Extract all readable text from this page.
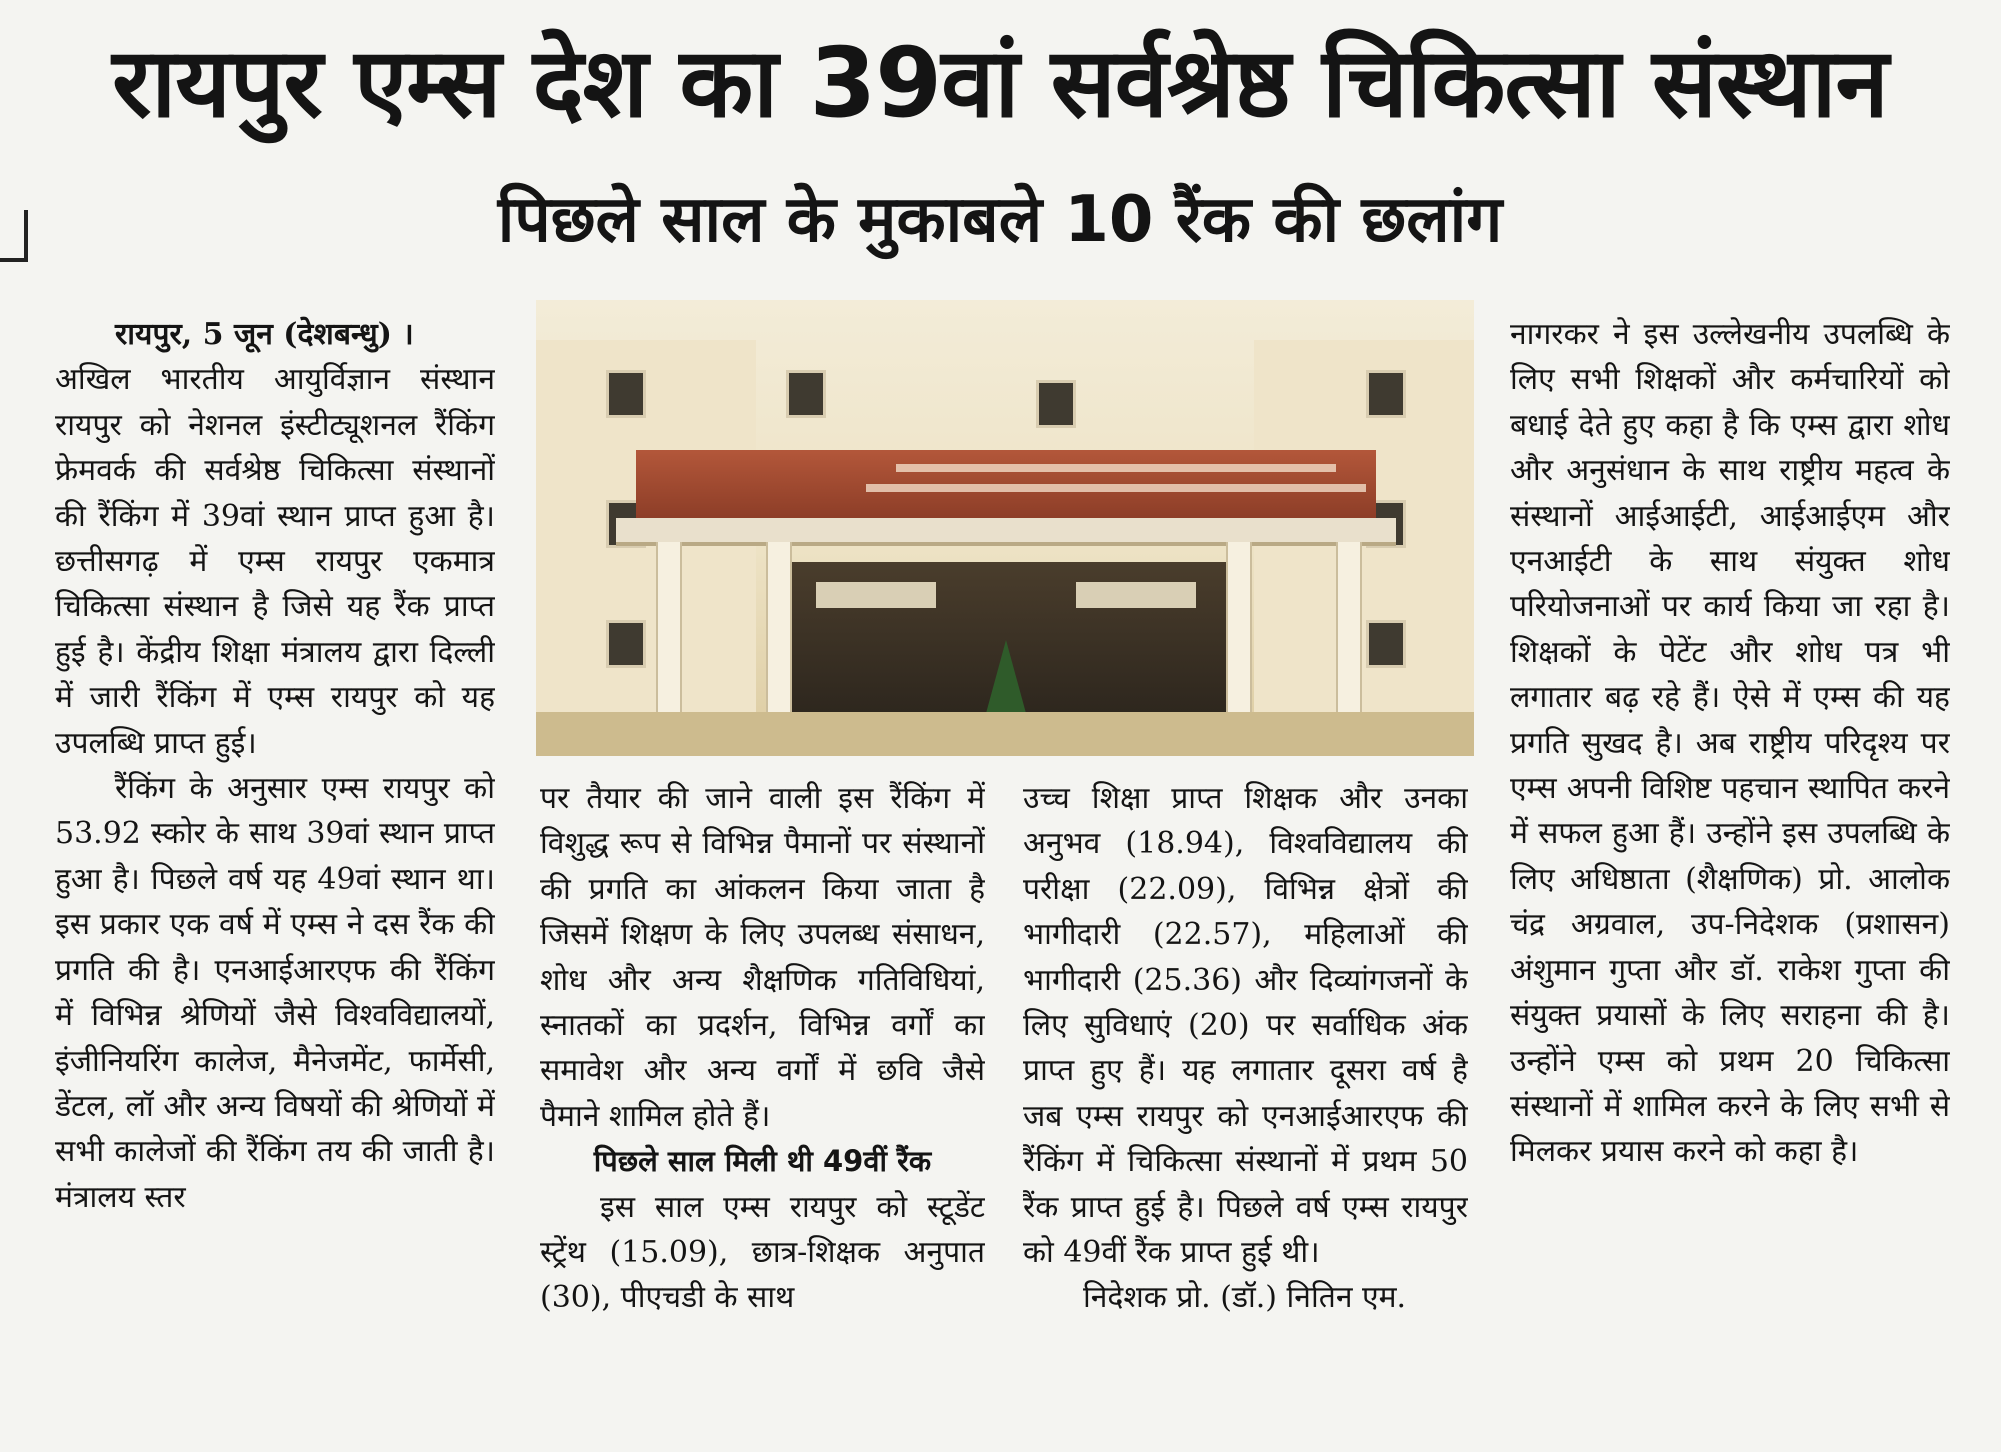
रायपुर एम्स देश का 39वां सर्वश्रेष्ठ चिकित्सा संस्थान
पिछले साल के मुकाबले 10 रैंक की छलांग

रायपुर, 5 जून (देशबन्धु) ।

अखिल भारतीय आयुर्विज्ञान संस्थान रायपुर को नेशनल इंस्टीट्यूशनल रैंकिंग फ्रेमवर्क की सर्वश्रेष्ठ चिकित्सा संस्थानों की रैंकिंग में 39वां स्थान प्राप्त हुआ है। छत्तीसगढ़ में एम्स रायपुर एकमात्र चिकित्सा संस्थान है जिसे यह रैंक प्राप्त हुई है। केंद्रीय शिक्षा मंत्रालय द्वारा दिल्ली में जारी रैंकिंग में एम्स रायपुर को यह उपलब्धि प्राप्त हुई।

रैंकिंग के अनुसार एम्स रायपुर को 53.92 स्कोर के साथ 39वां स्थान प्राप्त हुआ है। पिछले वर्ष यह 49वां स्थान था। इस प्रकार एक वर्ष में एम्स ने दस रैंक की प्रगति की है। एनआईआरएफ की रैंकिंग में विभिन्न श्रेणियों जैसे विश्वविद्यालयों, इंजीनियरिंग कालेज, मैनेजमेंट, फार्मेसी, डेंटल, लॉ और अन्य विषयों की श्रेणियों में सभी कालेजों की रैंकिंग तय की जाती है। मंत्रालय स्तर

पर तैयार की जाने वाली इस रैंकिंग में विशुद्ध रूप से विभिन्न पैमानों पर संस्थानों की प्रगति का आंकलन किया जाता है जिसमें शिक्षण के लिए उपलब्ध संसाधन, शोध और अन्य शैक्षणिक गतिविधियां, स्नातकों का प्रदर्शन, विभिन्न वर्गों का समावेश और अन्य वर्गों में छवि जैसे पैमाने शामिल होते हैं।

पिछले साल मिली थी 49वीं रैंक

इस साल एम्स रायपुर को स्टूडेंट स्ट्रेंथ (15.09), छात्र-शिक्षक अनुपात (30), पीएचडी के साथ

उच्च शिक्षा प्राप्त शिक्षक और उनका अनुभव (18.94), विश्वविद्यालय की परीक्षा (22.09), विभिन्न क्षेत्रों की भागीदारी (22.57), महिलाओं की भागीदारी (25.36) और दिव्यांगजनों के लिए सुविधाएं (20) पर सर्वाधिक अंक प्राप्त हुए हैं। यह लगातार दूसरा वर्ष है जब एम्स रायपुर को एनआईआरएफ की रैंकिंग में चिकित्सा संस्थानों में प्रथम 50 रैंक प्राप्त हुई है। पिछले वर्ष एम्स रायपुर को 49वीं रैंक प्राप्त हुई थी।

निदेशक प्रो. (डॉ.) नितिन एम.

नागरकर ने इस उल्लेखनीय उपलब्धि के लिए सभी शिक्षकों और कर्मचारियों को बधाई देते हुए कहा है कि एम्स द्वारा शोध और अनुसंधान के साथ राष्ट्रीय महत्व के संस्थानों आईआईटी, आईआईएम और एनआईटी के साथ संयुक्त शोध परियोजनाओं पर कार्य किया जा रहा है। शिक्षकों के पेटेंट और शोध पत्र भी लगातार बढ़ रहे हैं। ऐसे में एम्स की यह प्रगति सुखद है। अब राष्ट्रीय परिदृश्य पर एम्स अपनी विशिष्ट पहचान स्थापित करने में सफल हुआ हैं। उन्होंने इस उपलब्धि के लिए अधिष्ठाता (शैक्षणिक) प्रो. आलोक चंद्र अग्रवाल, उप-निदेशक (प्रशासन) अंशुमान गुप्ता और डॉ. राकेश गुप्ता की संयुक्त प्रयासों के लिए सराहना की है। उन्होंने एम्स को प्रथम 20 चिकित्सा संस्थानों में शामिल करने के लिए सभी से मिलकर प्रयास करने को कहा है।
